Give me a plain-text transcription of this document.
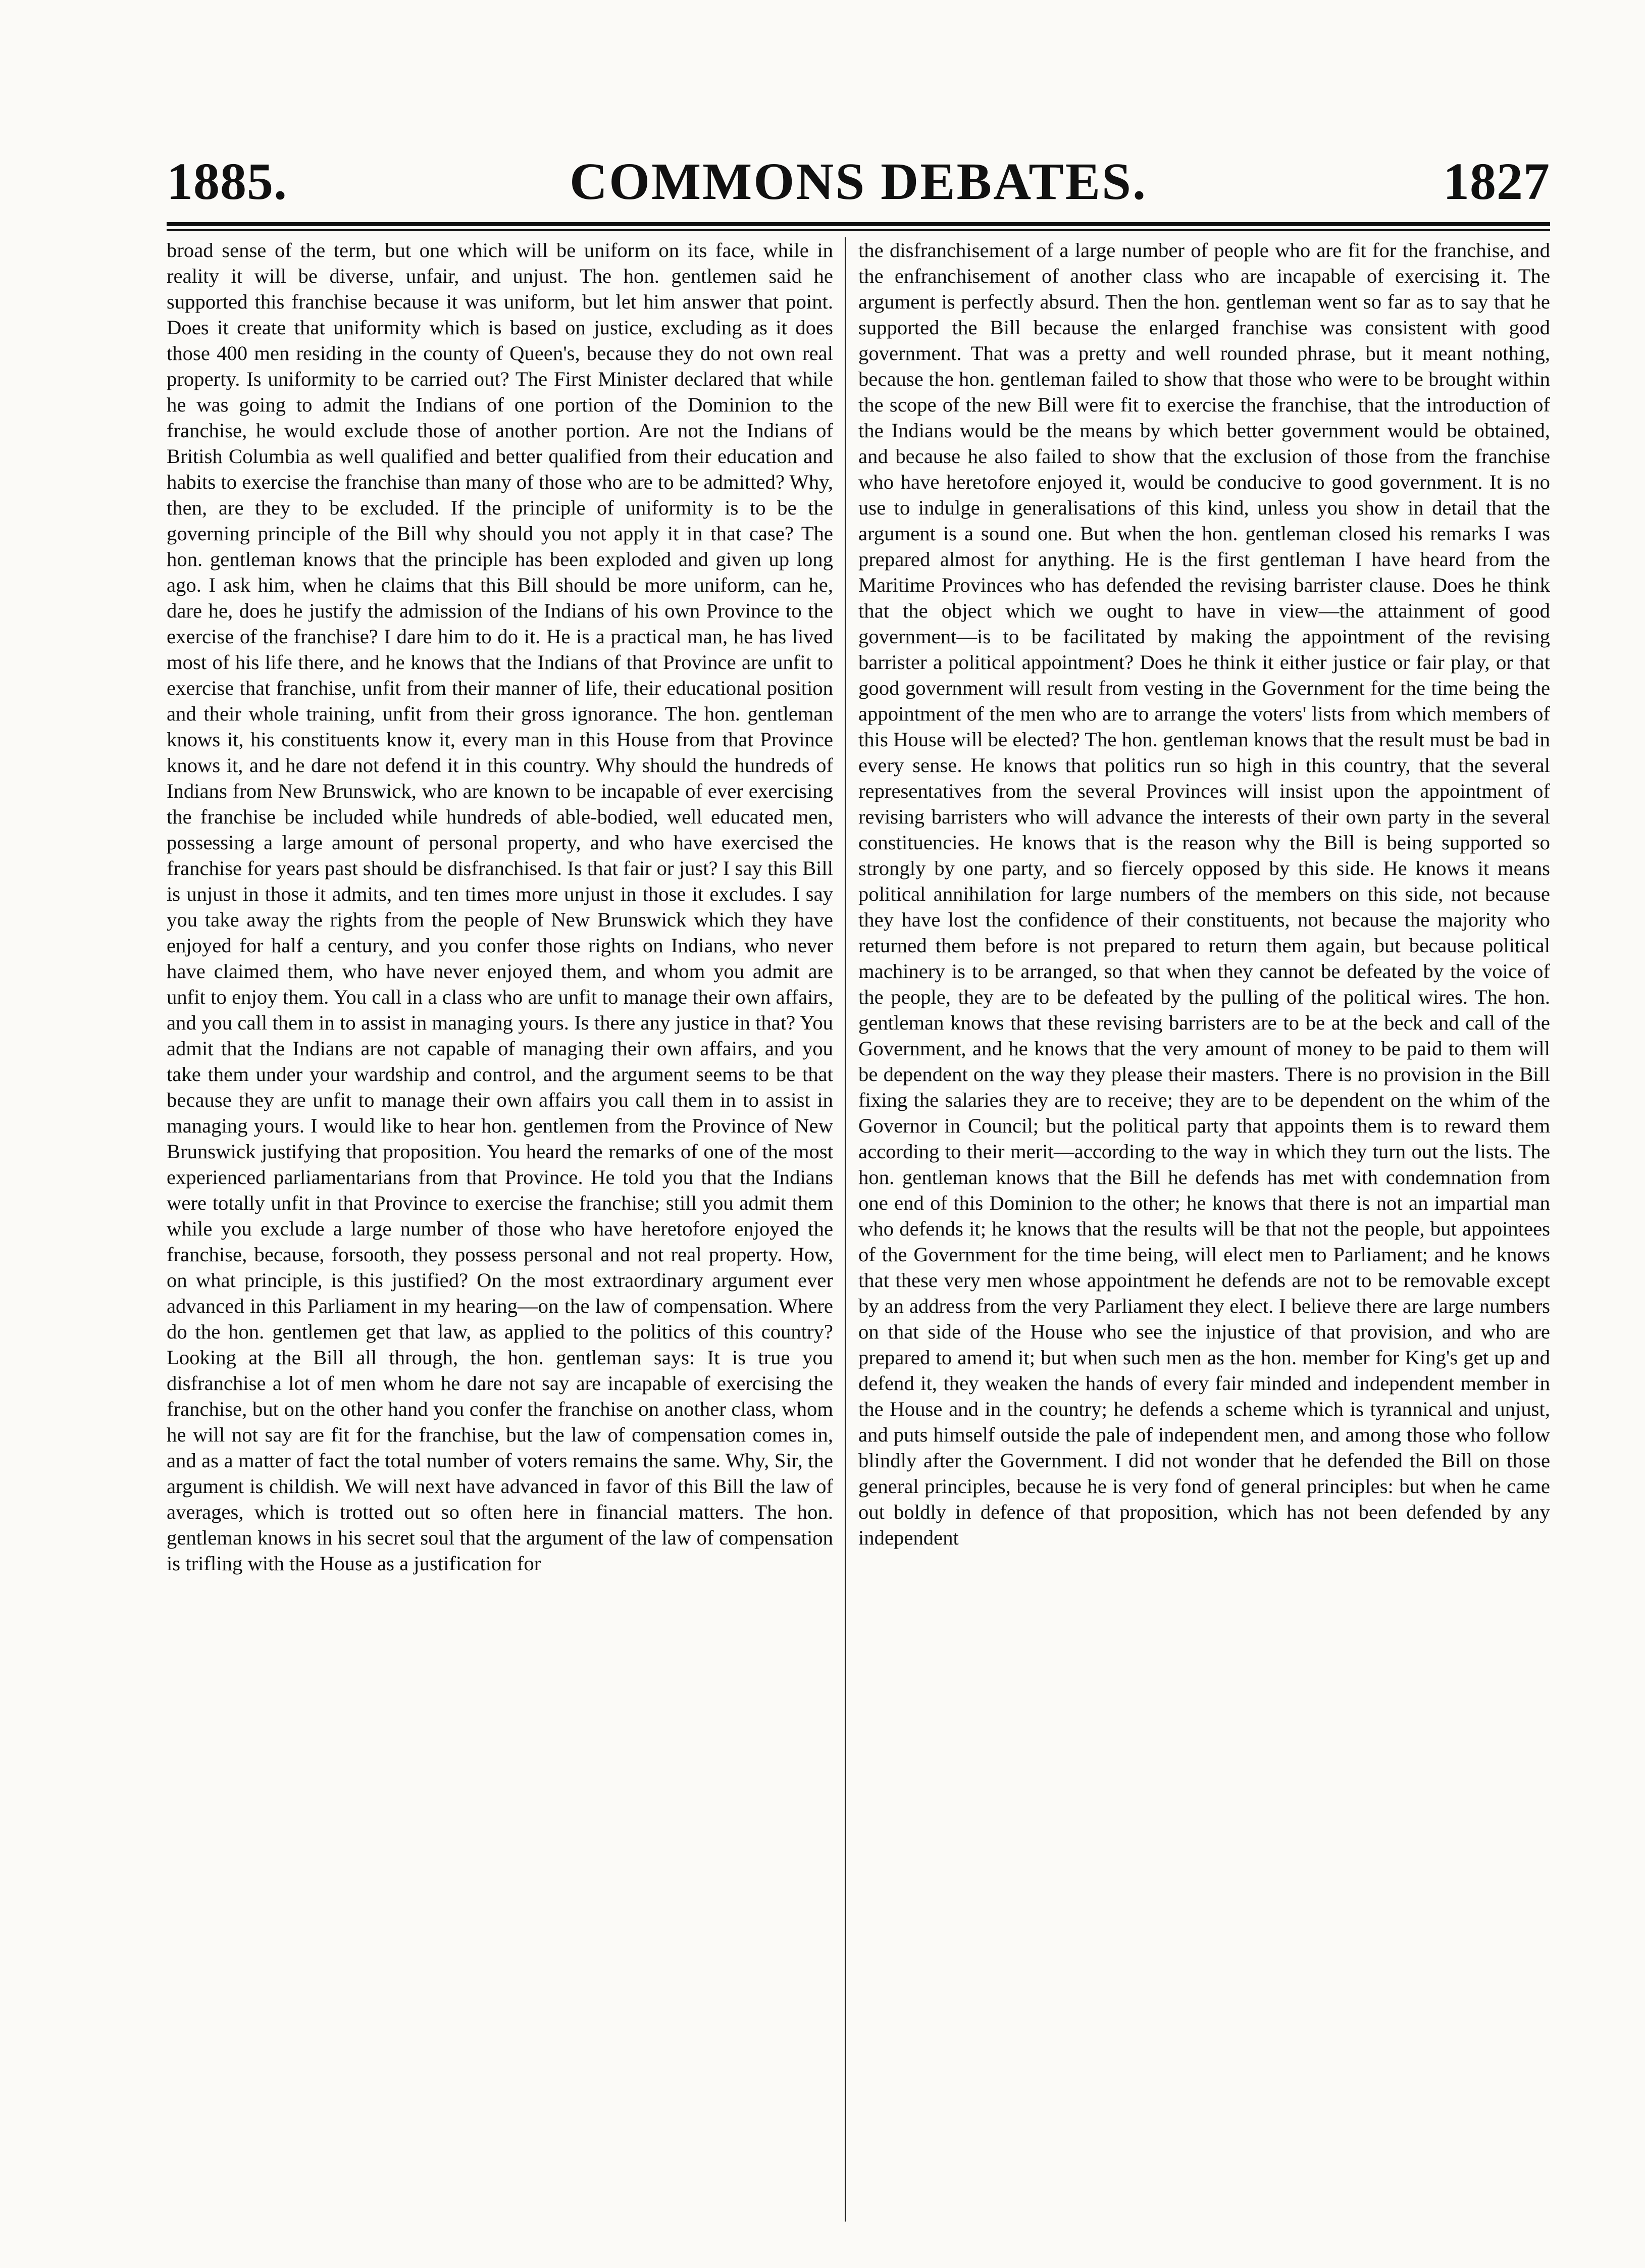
1885.	COMMONS DEBATES.	1827

broad sense of the term, but one which will be uniform on its face, while in reality it will be diverse, unfair, and unjust. The hon. gentlemen said he supported this franchise because it was uniform, but let him answer that point. Does it create that uniformity which is based on justice, excluding as it does those 400 men residing in the county of Queen's, because they do not own real property. Is uniformity to be carried out? The First Minister declared that while he was going to admit the Indians of one portion of the Dominion to the franchise, he would exclude those of another portion. Are not the Indians of British Columbia as well qualified and better qualified from their education and habits to exercise the franchise than many of those who are to be admitted? Why, then, are they to be excluded. If the principle of uniformity is to be the governing principle of the Bill why should you not apply it in that case? The hon. gentleman knows that the principle has been exploded and given up long ago. I ask him, when he claims that this Bill should be more uniform, can he, dare he, does he justify the admission of the Indians of his own Province to the exercise of the franchise? I dare him to do it. He is a practical man, he has lived most of his life there, and he knows that the Indians of that Province are unfit to exercise that franchise, unfit from their manner of life, their educational position and their whole training, unfit from their gross ignorance. The hon. gentleman knows it, his constituents know it, every man in this House from that Province knows it, and he dare not defend it in this country. Why should the hundreds of Indians from New Brunswick, who are known to be incapable of ever exercising the franchise be included while hundreds of able-bodied, well educated men, possessing a large amount of personal property, and who have exercised the franchise for years past should be disfranchised. Is that fair or just? I say this Bill is unjust in those it admits, and ten times more unjust in those it excludes. I say you take away the rights from the people of New Brunswick which they have enjoyed for half a century, and you confer those rights on Indians, who never have claimed them, who have never enjoyed them, and whom you admit are unfit to enjoy them. You call in a class who are unfit to manage their own affairs, and you call them in to assist in managing yours. Is there any justice in that? You admit that the Indians are not capable of managing their own affairs, and you take them under your wardship and control, and the argument seems to be that because they are unfit to manage their own affairs you call them in to assist in managing yours. I would like to hear hon. gentlemen from the Province of New Brunswick justifying that proposition. You heard the remarks of one of the most experienced parliamentarians from that Province. He told you that the Indians were totally unfit in that Province to exercise the franchise; still you admit them while you exclude a large number of those who have heretofore enjoyed the franchise, because, forsooth, they possess personal and not real property. How, on what principle, is this justified? On the most extraordinary argument ever advanced in this Parliament in my hearing—on the law of compensation. Where do the hon. gentlemen get that law, as applied to the politics of this country? Looking at the Bill all through, the hon. gentleman says: It is true you disfranchise a lot of men whom he dare not say are incapable of exercising the franchise, but on the other hand you confer the franchise on another class, whom he will not say are fit for the franchise, but the law of compensation comes in, and as a matter of fact the total number of voters remains the same. Why, Sir, the argument is childish. We will next have advanced in favor of this Bill the law of averages, which is trotted out so often here in financial matters. The hon. gentleman knows in his secret soul that the argument of the law of compensation is trifling with the House as a justification for

the disfranchisement of a large number of people who are fit for the franchise, and the enfranchisement of another class who are incapable of exercising it. The argument is perfectly absurd. Then the hon. gentleman went so far as to say that he supported the Bill because the enlarged franchise was consistent with good government. That was a pretty and well rounded phrase, but it meant nothing, because the hon. gentleman failed to show that those who were to be brought within the scope of the new Bill were fit to exercise the franchise, that the introduction of the Indians would be the means by which better government would be obtained, and because he also failed to show that the exclusion of those from the franchise who have heretofore enjoyed it, would be conducive to good government. It is no use to indulge in generalisations of this kind, unless you show in detail that the argument is a sound one. But when the hon. gentleman closed his remarks I was prepared almost for anything. He is the first gentleman I have heard from the Maritime Provinces who has defended the revising barrister clause. Does he think that the object which we ought to have in view—the attainment of good government—is to be facilitated by making the appointment of the revising barrister a political appointment? Does he think it either justice or fair play, or that good government will result from vesting in the Government for the time being the appointment of the men who are to arrange the voters' lists from which members of this House will be elected? The hon. gentleman knows that the result must be bad in every sense. He knows that politics run so high in this country, that the several representatives from the several Provinces will insist upon the appointment of revising barristers who will advance the interests of their own party in the several constituencies. He knows that is the reason why the Bill is being supported so strongly by one party, and so fiercely opposed by this side. He knows it means political annihilation for large numbers of the members on this side, not because they have lost the confidence of their constituents, not because the majority who returned them before is not prepared to return them again, but because political machinery is to be arranged, so that when they cannot be defeated by the voice of the people, they are to be defeated by the pulling of the political wires. The hon. gentleman knows that these revising barristers are to be at the beck and call of the Government, and he knows that the very amount of money to be paid to them will be dependent on the way they please their masters. There is no provision in the Bill fixing the salaries they are to receive; they are to be dependent on the whim of the Governor in Council; but the political party that appoints them is to reward them according to their merit—according to the way in which they turn out the lists. The hon. gentleman knows that the Bill he defends has met with condemnation from one end of this Dominion to the other; he knows that there is not an impartial man who defends it; he knows that the results will be that not the people, but appointees of the Government for the time being, will elect men to Parliament; and he knows that these very men whose appointment he defends are not to be removable except by an address from the very Parliament they elect. I believe there are large numbers on that side of the House who see the injustice of that provision, and who are prepared to amend it; but when such men as the hon. member for King's get up and defend it, they weaken the hands of every fair minded and independent member in the House and in the country; he defends a scheme which is tyrannical and unjust, and puts himself outside the pale of independent men, and among those who follow blindly after the Government. I did not wonder that he defended the Bill on those general principles, because he is very fond of general principles: but when he came out boldly in defence of that proposition, which has not been defended by any independent
